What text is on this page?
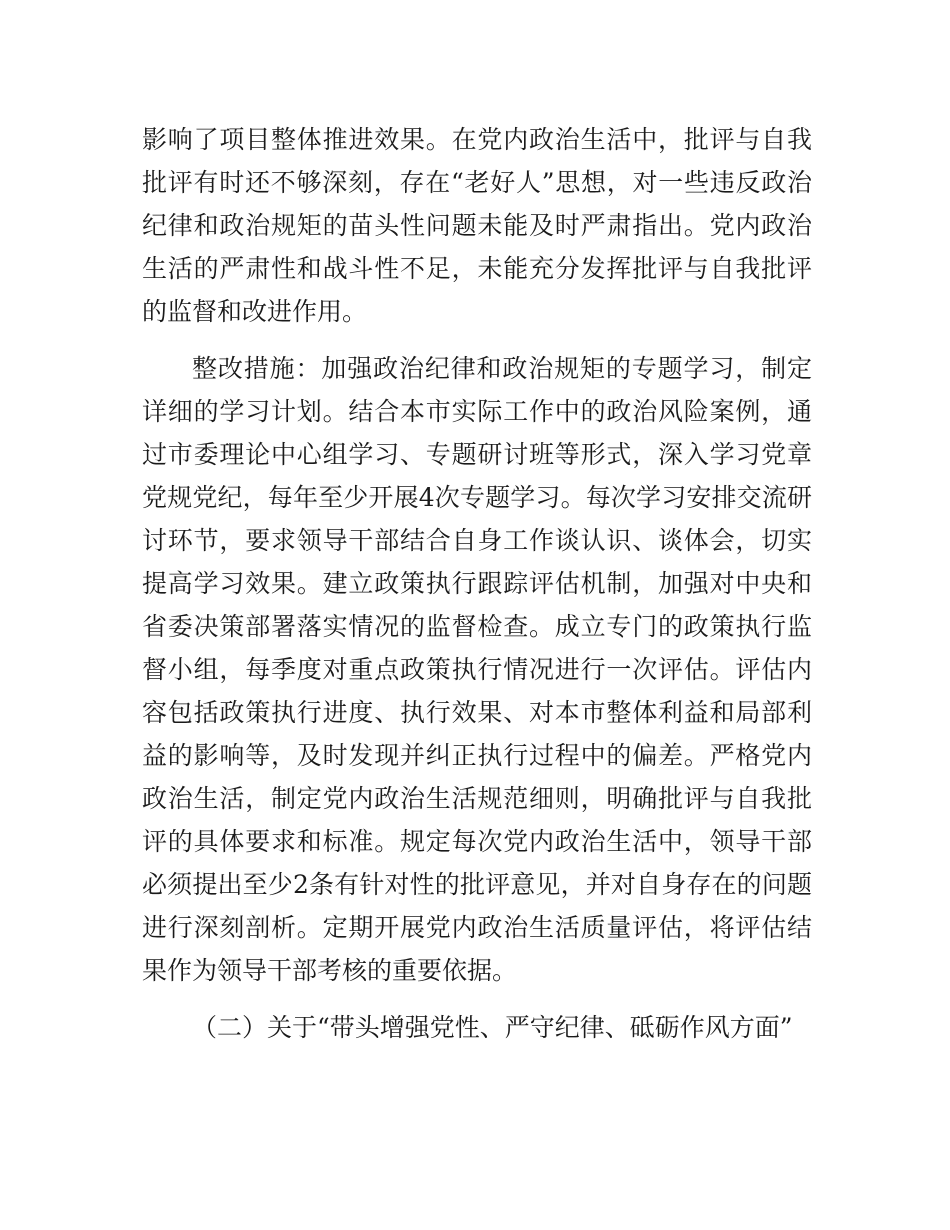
影响了项目整体推进效果。在党内政治生活中，批评与自我批评有时还不够深刻，存在“老好人”思想，对一些违反政治纪律和政治规矩的苗头性问题未能及时严肃指出。党内政治生活的严肃性和战斗性不足，未能充分发挥批评与自我批评的监督和改进作用。

整改措施：加强政治纪律和政治规矩的专题学习，制定详细的学习计划。结合本市实际工作中的政治风险案例，通过市委理论中心组学习、专题研讨班等形式，深入学习党章党规党纪，每年至少开展4次专题学习。每次学习安排交流研讨环节，要求领导干部结合自身工作谈认识、谈体会，切实提高学习效果。建立政策执行跟踪评估机制，加强对中央和省委决策部署落实情况的监督检查。成立专门的政策执行监督小组，每季度对重点政策执行情况进行一次评估。评估内容包括政策执行进度、执行效果、对本市整体利益和局部利益的影响等，及时发现并纠正执行过程中的偏差。严格党内政治生活，制定党内政治生活规范细则，明确批评与自我批评的具体要求和标准。规定每次党内政治生活中，领导干部必须提出至少2条有针对性的批评意见，并对自身存在的问题进行深刻剖析。定期开展党内政治生活质量评估，将评估结果作为领导干部考核的重要依据。

（二）关于“带头增强党性、严守纪律、砥砺作风方面”
